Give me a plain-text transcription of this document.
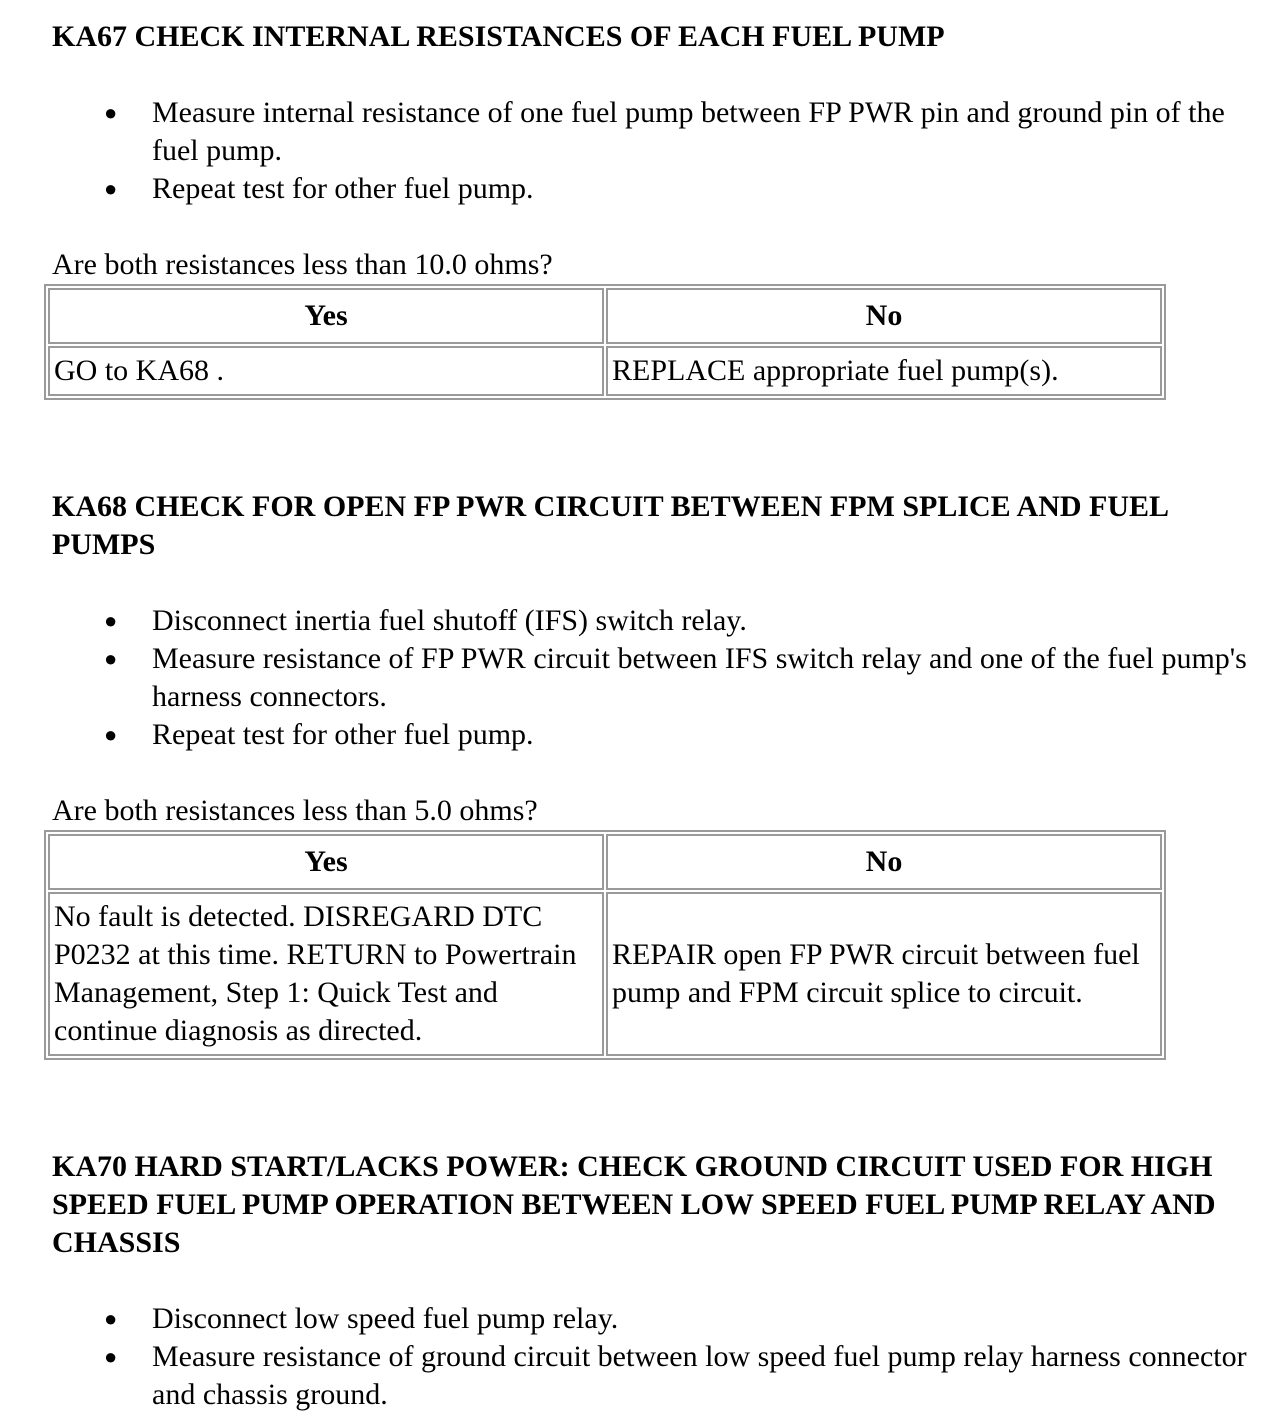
KA67 CHECK INTERNAL RESISTANCES OF EACH FUEL PUMP
● Measure internal resistance of one fuel pump between FP PWR pin and ground pin of the fuel pump.
● Repeat test for other fuel pump.
Are both resistances less than 10.0 ohms?
Yes	No
GO to KA68 .	REPLACE appropriate fuel pump(s).
KA68 CHECK FOR OPEN FP PWR CIRCUIT BETWEEN FPM SPLICE AND FUEL PUMPS
● Disconnect inertia fuel shutoff (IFS) switch relay.
● Measure resistance of FP PWR circuit between IFS switch relay and one of the fuel pump's harness connectors.
● Repeat test for other fuel pump.
Are both resistances less than 5.0 ohms?
Yes	No
No fault is detected. DISREGARD DTC P0232 at this time. RETURN to Powertrain Management, Step 1: Quick Test and continue diagnosis as directed.	REPAIR open FP PWR circuit between fuel pump and FPM circuit splice to circuit.
KA70 HARD START/LACKS POWER: CHECK GROUND CIRCUIT USED FOR HIGH SPEED FUEL PUMP OPERATION BETWEEN LOW SPEED FUEL PUMP RELAY AND CHASSIS
● Disconnect low speed fuel pump relay.
● Measure resistance of ground circuit between low speed fuel pump relay harness connector and chassis ground.
